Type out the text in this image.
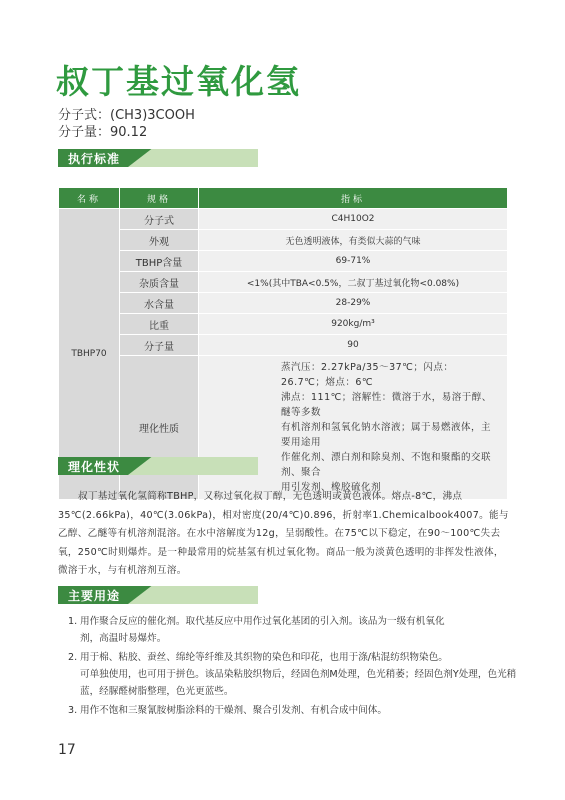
叔丁基过氧化氢
分子式：(CH3)3COOH
分子量：90.12
执行标准
名称	规格	指标
TBHP70	分子式	C4H10O2
	外观	无色透明液体，有类似大蒜的气味
	TBHP含量	69-71%
	杂质含量	<1%(其中TBA<0.5%，二叔丁基过氧化物<0.08%)
	水含量	28-29%
	比重	920kg/m³
	分子量	90
	理化性质	蒸汽压：2.27kPa/35～37℃；闪点：26.7℃；熔点：6℃
沸点：111℃；溶解性：微溶于水，易溶于醇、醚等多数
有机溶剂和氢氧化钠水溶液；属于易燃液体，主要用途用
作催化剂、漂白剂和除臭剂、不饱和聚酯的交联剂、聚合
用引发剂、橡胶硫化剂
理化性状
叔丁基过氧化氢简称TBHP，又称过氧化叔丁醇，无色透明或黄色液体。熔点-8℃，沸点35℃(2.66kPa)，40℃(3.06kPa)，相对密度(20/4℃)0.896，折射率1.Chemicalbook4007。能与乙醇、乙醚等有机溶剂混溶。在水中溶解度为12g，呈弱酸性。在75℃以下稳定，在90～100℃失去氧，250℃时则爆炸。是一种最常用的烷基氢有机过氧化物。商品一般为淡黄色透明的非挥发性液体，微溶于水，与有机溶剂互溶。
主要用途
1. 用作聚合反应的催化剂。取代基反应中用作过氧化基团的引入剂。该品为一级有机氧化
剂，高温时易爆炸。
2. 用于棉、粘胶、蚕丝、绵纶等纤维及其织物的染色和印花，也用于涤/粘混纺织物染色。
可单独使用，也可用于拼色。该品染粘胶织物后，经固色剂M处理，色光稍萎；经固色剂Y处理，色光稍蓝，经脲醛树脂整理，色光更蓝些。
3. 用作不饱和三聚氰胺树脂涂料的干燥剂、聚合引发剂、有机合成中间体。
17
